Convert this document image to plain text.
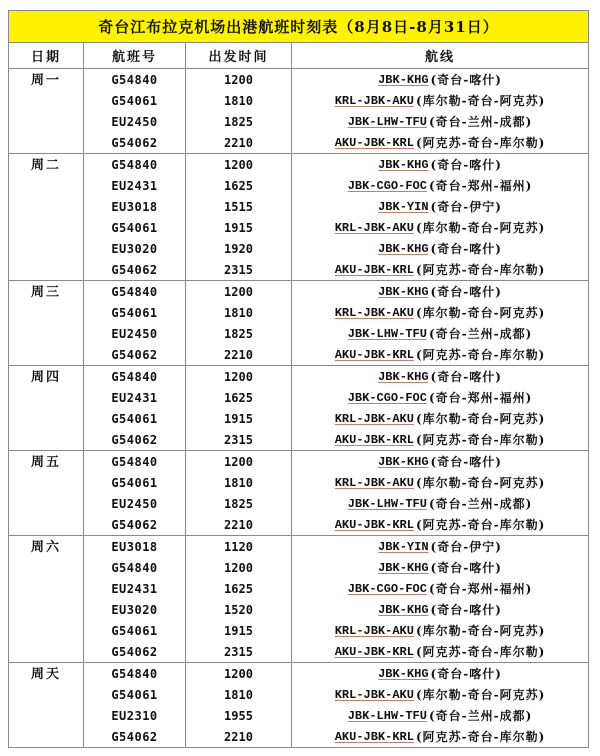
奇台江布拉克机场出港航班时刻表（8月8日-8月31日）
日期	航班号	出发时间	航线
周一	G54840	1200	JBK-KHG (奇台-喀什)
G54061	1810	KRL-JBK-AKU (库尔勒-奇台-阿克苏)
EU2450	1825	JBK-LHW-TFU (奇台-兰州-成都)
G54062	2210	AKU-JBK-KRL (阿克苏-奇台-库尔勒)
周二	G54840	1200	JBK-KHG (奇台-喀什)
EU2431	1625	JBK-CGO-FOC (奇台-郑州-福州)
EU3018	1515	JBK-YIN (奇台-伊宁)
G54061	1915	KRL-JBK-AKU (库尔勒-奇台-阿克苏)
EU3020	1920	JBK-KHG (奇台-喀什)
G54062	2315	AKU-JBK-KRL (阿克苏-奇台-库尔勒)
周三	G54840	1200	JBK-KHG (奇台-喀什)
G54061	1810	KRL-JBK-AKU (库尔勒-奇台-阿克苏)
EU2450	1825	JBK-LHW-TFU (奇台-兰州-成都)
G54062	2210	AKU-JBK-KRL (阿克苏-奇台-库尔勒)
周四	G54840	1200	JBK-KHG (奇台-喀什)
EU2431	1625	JBK-CGO-FOC (奇台-郑州-福州)
G54061	1915	KRL-JBK-AKU (库尔勒-奇台-阿克苏)
G54062	2315	AKU-JBK-KRL (阿克苏-奇台-库尔勒)
周五	G54840	1200	JBK-KHG (奇台-喀什)
G54061	1810	KRL-JBK-AKU (库尔勒-奇台-阿克苏)
EU2450	1825	JBK-LHW-TFU (奇台-兰州-成都)
G54062	2210	AKU-JBK-KRL (阿克苏-奇台-库尔勒)
周六	EU3018	1120	JBK-YIN (奇台-伊宁)
G54840	1200	JBK-KHG (奇台-喀什)
EU2431	1625	JBK-CGO-FOC (奇台-郑州-福州)
EU3020	1520	JBK-KHG (奇台-喀什)
G54061	1915	KRL-JBK-AKU (库尔勒-奇台-阿克苏)
G54062	2315	AKU-JBK-KRL (阿克苏-奇台-库尔勒)
周天	G54840	1200	JBK-KHG (奇台-喀什)
G54061	1810	KRL-JBK-AKU (库尔勒-奇台-阿克苏)
EU2310	1955	JBK-LHW-TFU (奇台-兰州-成都)
G54062	2210	AKU-JBK-KRL (阿克苏-奇台-库尔勒)
